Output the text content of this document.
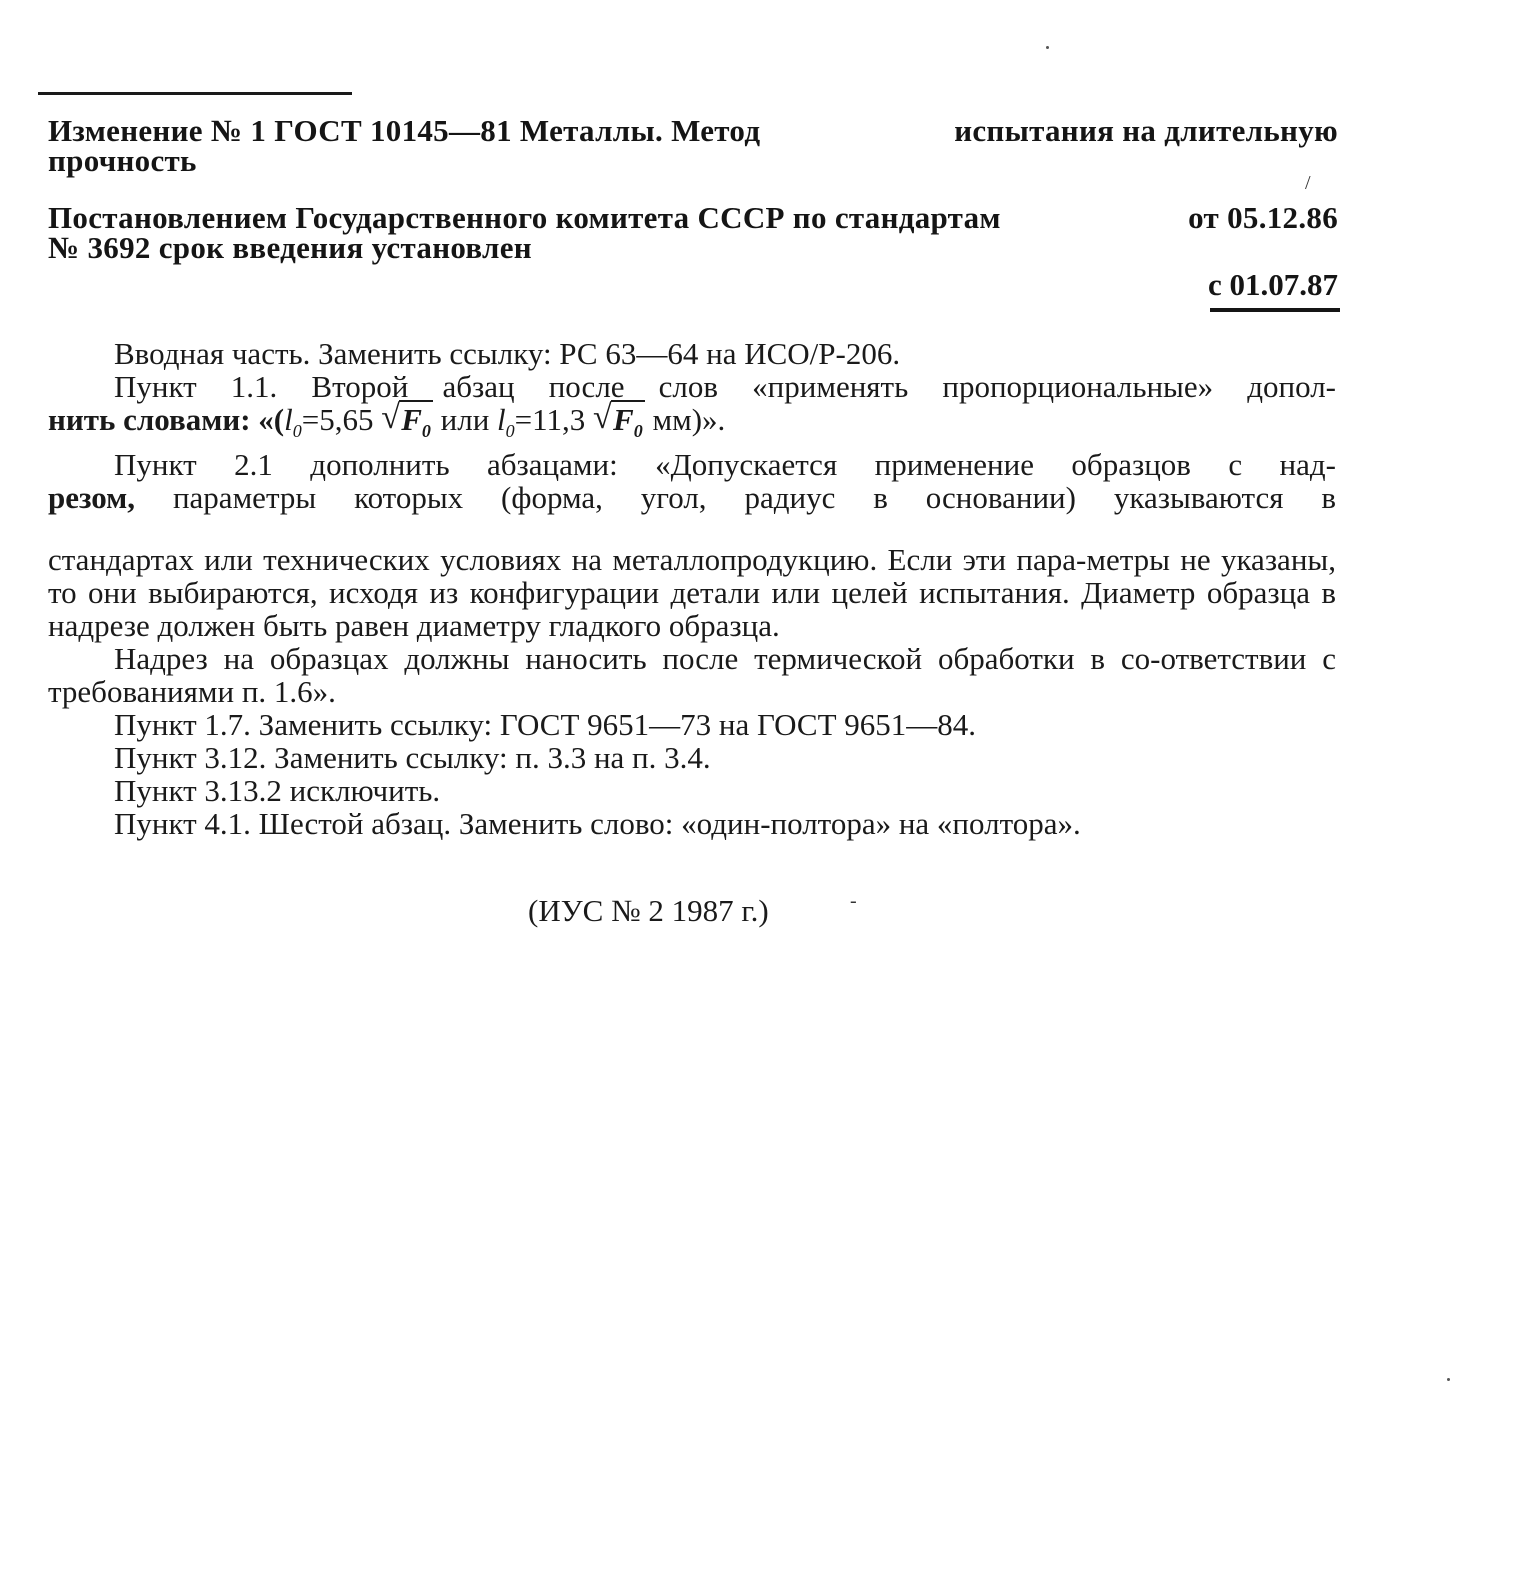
Изменение № 1 ГОСТ 10145—81 Металлы. Метод	испытания на длительную
прочность
Постановлением Государственного комитета СССР по стандартам	от 05.12.86
№ 3692 срок введения установлен
с 01.07.87

Вводная часть. Заменить ссылку: РС 63—64 на ИСО/Р-206.

Пункт 1.1. Второй абзац после слов «применять пропорциональные» допол-

нить словами: «($l_0=5,65$ √ $F_0$ или $l_0=11,3$ √ $F_0$ мм)».

Пункт 2.1 дополнить абзацами: «Допускается применение образцов с над-

резом, параметры которых (форма, угол, радиус в основании) указываются в

стандартах или технических условиях на металлопродукцию. Если эти пара-метры не указаны, то они выбираются, исходя из конфигурации детали или целей испытания. Диаметр образца в надрезе должен быть равен диаметру гладкого образца.

Надрез на образцах должны наносить после термической обработки в со-ответствии с требованиями п. 1.6».

Пункт 1.7. Заменить ссылку: ГОСТ 9651—73 на ГОСТ 9651—84.

Пункт 3.12. Заменить ссылку: п. 3.3 на п. 3.4.

Пункт 3.13.2 исключить.

Пункт 4.1. Шестой абзац. Заменить слово: «один-полтора» на «полтора».

(ИУС № 2 1987 г.)
/
-
